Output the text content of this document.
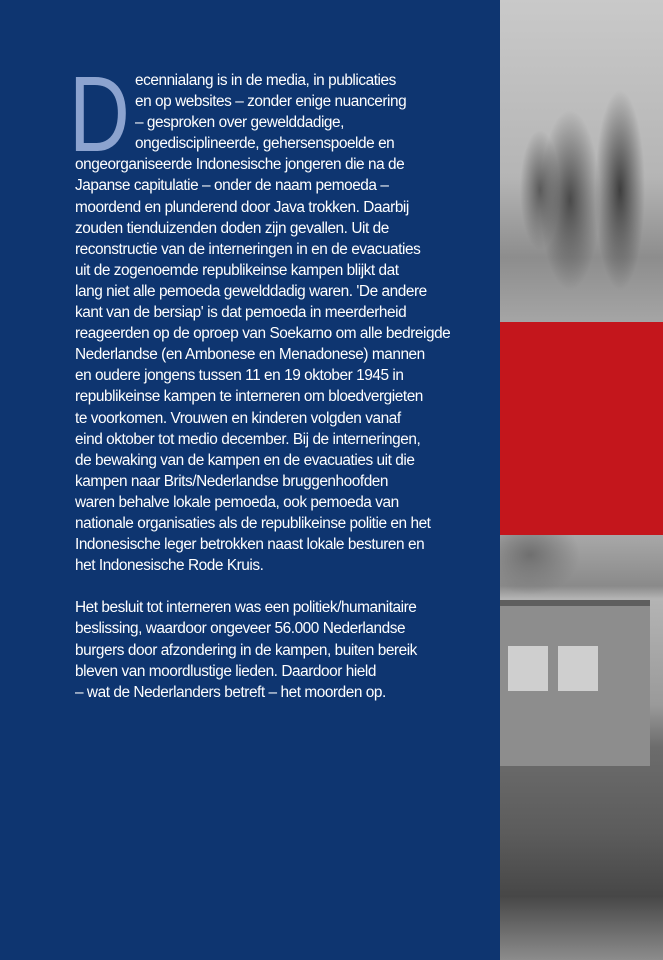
D ecennialang is in de media, in publicaties
en op websites – zonder enige nuancering
– gesproken over gewelddadige,
ongedisciplineerde, gehersenspoelde en
ongeorganiseerde Indonesische jongeren die na de
Japanse capitulatie – onder de naam pemoeda –
moordend en plunderend door Java trokken. Daarbij
zouden tienduizenden doden zijn gevallen. Uit de
reconstructie van de interneringen in en de evacuaties
uit de zogenoemde republikeinse kampen blijkt dat
lang niet alle pemoeda gewelddadig waren. 'De andere
kant van de bersiap' is dat pemoeda in meerderheid
reageerden op de oproep van Soekarno om alle bedreigde
Nederlandse (en Ambonese en Menadonese) mannen
en oudere jongens tussen 11 en 19 oktober 1945 in
republikeinse kampen te interneren om bloedvergieten
te voorkomen. Vrouwen en kinderen volgden vanaf
eind oktober tot medio december. Bij de interneringen,
de bewaking van de kampen en de evacuaties uit die
kampen naar Brits/Nederlandse bruggenhoofden
waren behalve lokale pemoeda, ook pemoeda van
nationale organisaties als de republikeinse politie en het
Indonesische leger betrokken naast lokale besturen en
het Indonesische Rode Kruis.
Het besluit tot interneren was een politiek/humanitaire
beslissing, waardoor ongeveer 56.000 Nederlandse
burgers door afzondering in de kampen, buiten bereik
bleven van moordlustige lieden. Daardoor hield
– wat de Nederlanders betreft – het moorden op.
